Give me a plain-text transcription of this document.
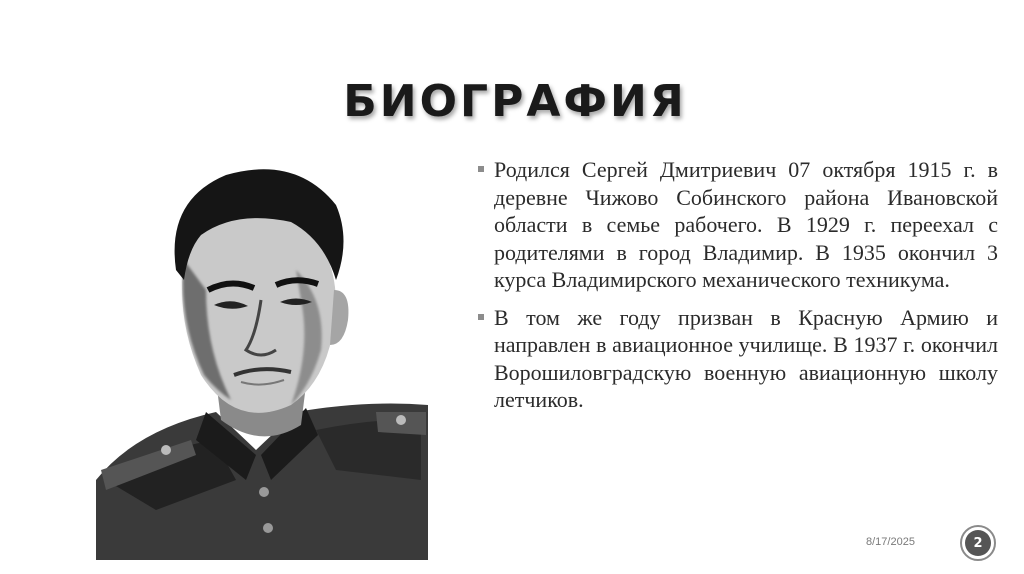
БИОГРАФИЯ
Родился Сергей Дмитриевич 07 октября 1915 г. в деревне Чижово Собинского района Ивановской области в семье рабочего. В 1929 г. переехал с родителями в город Владимир. В 1935 окончил 3 курса Владимирского механического техникума.
В том же году призван в Красную Армию и направлен в авиационное училище. В 1937 г. окончил Ворошиловградскую военную авиационную школу летчиков.
8/17/2025	2
